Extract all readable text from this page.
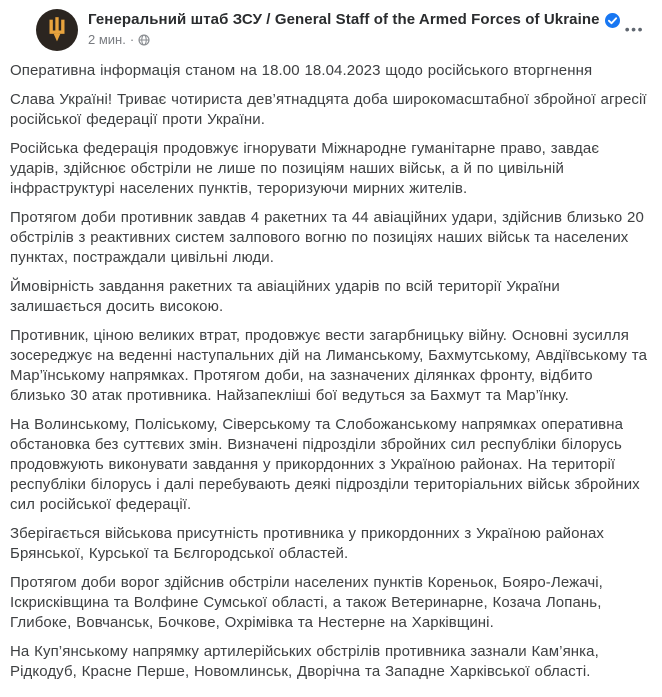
Генеральний штаб ЗСУ / General Staff of the Armed Forces of Ukraine
2 мин. ·
•••

Оперативна інформація станом на 18.00 18.04.2023 щодо російського вторгнення

Слава Україні! Триває чотириста дев’ятнадцята доба широкомасштабної збройної агресії російської федерації проти України.

Російська федерація продовжує ігнорувати Міжнародне гуманітарне право, завдає ударів, здійснює обстріли не лише по позиціям наших військ, а й по цивільній інфраструктурі населених пунктів, тероризуючи мирних жителів.

Протягом доби противник завдав 4 ракетних та 44 авіаційних удари, здійснив близько 20 обстрілів з реактивних систем залпового вогню по позиціях наших військ та населених пунктах, постраждали цивільні люди.

Ймовірність завдання ракетних та авіаційних ударів по всій території України залишається досить високою.

Противник, ціною великих втрат, продовжує вести загарбницьку війну. Основні зусилля зосереджує на веденні наступальних дій на Лиманському, Бахмутському, Авдіївському та Мар’їнському напрямках. Протягом доби, на зазначених ділянках фронту, відбито близько 30 атак противника. Найзапекліші бої ведуться за Бахмут та Мар’їнку.

На Волинському, Поліському, Сіверському та Слобожанському напрямках оперативна обстановка без суттєвих змін. Визначені підрозділи збройних сил республіки білорусь продовжують виконувати завдання у прикордонних з Україною районах. На території республіки білорусь і далі перебувають деякі підрозділи територіальних військ збройних сил російської федерації.

Зберігається військова присутність противника у прикордонних з Україною районах Брянської, Курської та Бєлгородської областей.

Протягом доби ворог здійснив обстріли населених пунктів Кореньок, Бояро-Лежачі, Іскрисківщина та Волфине Сумської області, а також Ветеринарне, Козача Лопань, Глибоке, Вовчанськ, Бочкове, Охрімівка та Нестерне на Харківщині.

На Куп’янському напрямку артилерійських обстрілів противника зазнали Кам’янка, Рідкодуб, Красне Перше, Новомлинськ, Дворічна та Западне Харківської області.
